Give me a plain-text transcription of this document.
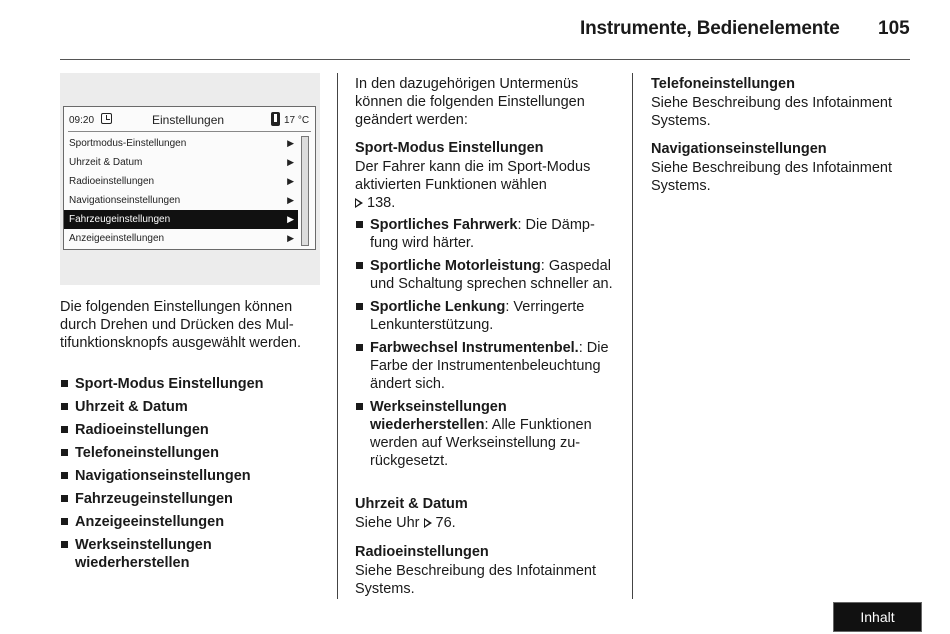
Instrumente, Bedienelemente 105
09:20	Einstellungen	17 °C
Sportmodus-Einstellungen	▶
Uhrzeit & Datum	▶
Radioeinstellungen	▶
Navigationseinstellungen	▶
Fahrzeugeinstellungen	▶
Anzeigeeinstellungen	▶

Die folgenden Einstellungen können durch Drehen und Drücken des Multifunktionsknopfs ausgewählt werden.

Sport-Modus Einstellungen
Uhrzeit & Datum
Radioeinstellungen
Telefoneinstellungen
Navigationseinstellungen
Fahrzeugeinstellungen
Anzeigeeinstellungen
Werkseinstellungen wiederherstellen

In den dazugehörigen Untermenüs können die folgenden Einstellungen geändert werden:

Sport-Modus Einstellungen

Der Fahrer kann die im Sport-Modus aktivierten Funktionen wählen
138.

Sportliches Fahrwerk: Die Dämpfung wird härter.
Sportliche Motorleistung: Gaspedal und Schaltung sprechen schneller an.
Sportliche Lenkung: Verringerte Lenkunterstützung.
Farbwechsel Instrumentenbel.: Die Farbe der Instrumentenbeleuchtung ändert sich.
Werkseinstellungen wiederherstellen: Alle Funktionen werden auf Werkseinstellung zurückgesetzt.

Uhrzeit & Datum

Siehe Uhr 76.

Radioeinstellungen

Siehe Beschreibung des Infotainment Systems.

Telefoneinstellungen

Siehe Beschreibung des Infotainment Systems.

Navigationseinstellungen

Siehe Beschreibung des Infotainment Systems.

Inhalt
